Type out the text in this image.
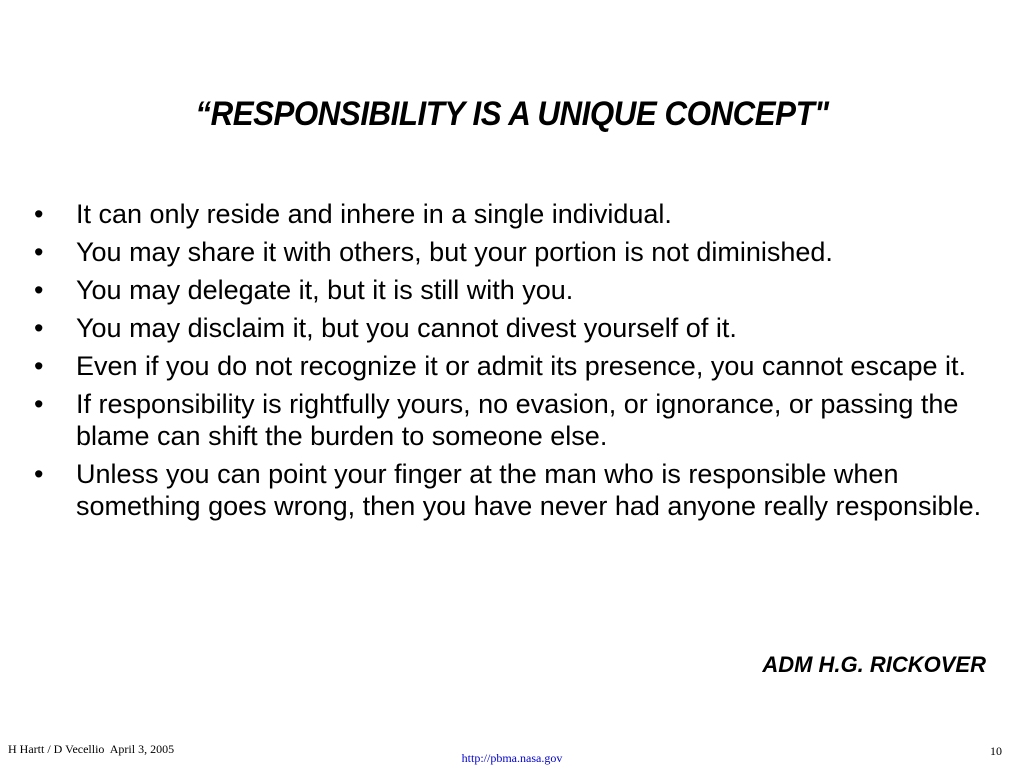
“RESPONSIBILITY IS A UNIQUE CONCEPT"
•	It can only reside and inhere in a single individual.
•	You may share it with others, but your portion is not diminished.
•	You may delegate it, but it is still with you.
•	You may disclaim it, but you cannot divest yourself of it.
•	Even if you do not recognize it or admit its presence, you cannot escape it.
•	If responsibility is rightfully yours, no evasion, or ignorance, or passing the blame can shift the burden to someone else.
•	Unless you can point your finger at the man who is responsible when something goes wrong, then you have never had anyone really responsible.

ADM H.G. RICKOVER

H Hartt / D Vecellio  April 3, 2005
http://pbma.nasa.gov	10
